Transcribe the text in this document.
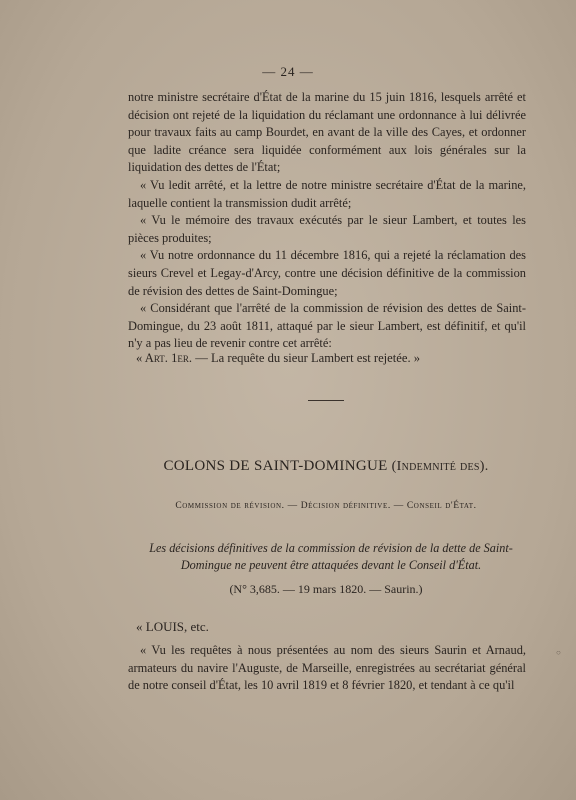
— 24 —

notre ministre secrétaire d'État de la marine du 15 juin 1816, lesquels arrêté et décision ont rejeté de la liquidation du réclamant une ordonnance à lui délivrée pour travaux faits au camp Bourdet, en avant de la ville des Cayes, et ordonner que ladite créance sera liquidée conformément aux lois générales sur la liquidation des dettes de l'État;

« Vu ledit arrêté, et la lettre de notre ministre secrétaire d'État de la marine, laquelle contient la transmission dudit arrêté;

« Vu le mémoire des travaux exécutés par le sieur Lambert, et toutes les pièces produites;

« Vu notre ordonnance du 11 décembre 1816, qui a rejeté la réclamation des sieurs Crevel et Legay-d'Arcy, contre une décision définitive de la commission de révision des dettes de Saint-Domingue;

« Considérant que l'arrêté de la commission de révision des dettes de Saint-Domingue, du 23 août 1811, attaqué par le sieur Lambert, est définitif, et qu'il n'y a pas lieu de revenir contre cet arrêté:

« Art. 1er. — La requête du sieur Lambert est rejetée. »
COLONS DE SAINT-DOMINGUE (Indemnité des).
Commission de révision. — Décision définitive. — Conseil d'État.
Les décisions définitives de la commission de révision de la dette de Saint-Domingue ne peuvent être attaquées devant le Conseil d'État.
(N° 3,685. — 19 mars 1820. — Saurin.)
« LOUIS, etc.

« Vu les requêtes à nous présentées au nom des sieurs Saurin et Arnaud, armateurs du navire l'Auguste, de Marseille, enregistrées au secrétariat général de notre conseil d'État, les 10 avril 1819 et 8 février 1820, et tendant à ce qu'il

○
